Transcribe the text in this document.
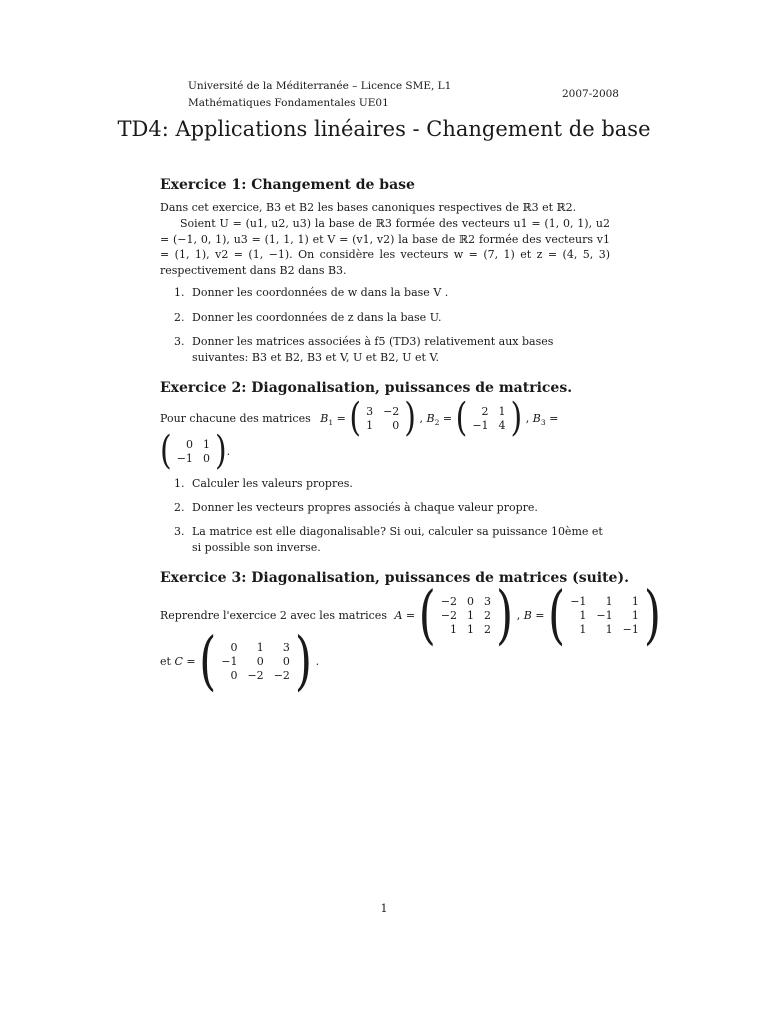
Université de la Méditerranée – Licence SME, L1
Mathématiques Fondamentales UE01
2007-2008
TD4: Applications linéaires - Changement de base
Exercice 1: Changement de base
Dans cet exercice, B3 et B2 les bases canoniques respectives de ℝ3 et ℝ2.
Soient U = (u1, u2, u3) la base de ℝ3 formée des vecteurs u1 = (1, 0, 1), u2 = (−1, 0, 1), u3 = (1, 1, 1) et V = (v1, v2) la base de ℝ2 formée des vecteurs v1 = (1, 1), v2 = (1, −1). On considère les vecteurs w = (7, 1) et z = (4, 5, 3) respectivement dans B2 dans B3.
1. Donner les coordonnées de w dans la base V .
2. Donner les coordonnées de z dans la base U.
3. Donner les matrices associées à f5 (TD3) relativement aux bases suivantes: B3 et B2, B3 et V, U et B2, U et V.
Exercice 2: Diagonalisation, puissances de matrices.
Pour chacune des matrices $B_1$ = ( 3	−2
1	0 ) , $B_2$ = ( 2	1
−1	4 ) , $B_3$ =
( 0	1
−1	0 ) .
1. Calculer les valeurs propres.
2. Donner les vecteurs propres associés à chaque valeur propre.
3. La matrice est elle diagonalisable? Si oui, calculer sa puissance 10ème et si possible son inverse.
Exercice 3: Diagonalisation, puissances de matrices (suite).
Reprendre l'exercice 2 avec les matrices A = ( −2	0	3
−2	1	2
1	1	2 ) , B = ( −1	1	1
1	−1	1
1	1	−1 )
et C = ( 0	1	3
−1	0	0
0	−2	−2 ) .
1
